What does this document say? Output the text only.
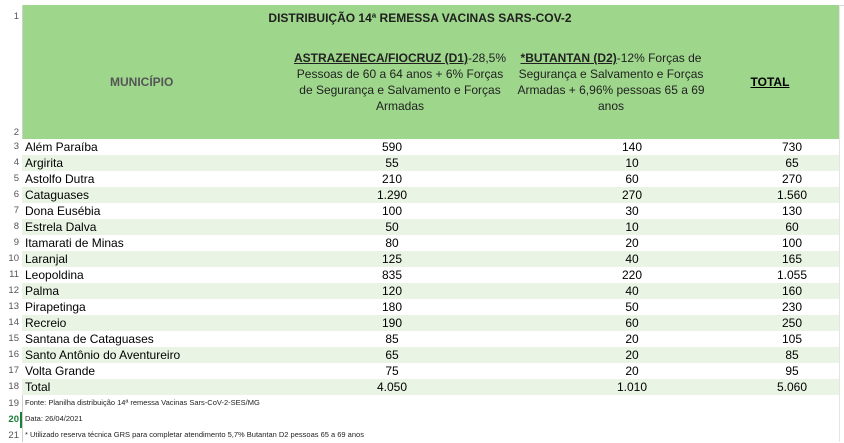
1
2
3
4
5
6
7
8
9
10
11
12
13
14
15
16
17
18
19
20
21
DISTRIBUIÇÃO 14ª REMESSA VACINAS SARS-COV-2
MUNICÍPIO
ASTRAZENECA/FIOCRUZ (D1)-28,5% Pessoas de 60 a 64 anos + 6% Forças de Segurança e Salvamento e Forças Armadas
*BUTANTAN (D2)-12% Forças de Segurança e Salvamento e Forças Armadas + 6,96% pessoas 65 a 69 anos
TOTAL
Além Paraíba	590	140	730
Argirita	55	10	65
Astolfo Dutra	210	60	270
Cataguases	1.290	270	1.560
Dona Eusébia	100	30	130
Estrela Dalva	50	10	60
Itamarati de Minas	80	20	100
Laranjal	125	40	165
Leopoldina	835	220	1.055
Palma	120	40	160
Pirapetinga	180	50	230
Recreio	190	60	250
Santana de Cataguases	85	20	105
Santo Antônio do Aventureiro	65	20	85
Volta Grande	75	20	95
Total	4.050	1.010	5.060
Fonte: Planilha distribuição 14ª remessa Vacinas Sars-CoV-2-SES/MG
Data: 26/04/2021
* Utilizado reserva técnica GRS para completar atendimento 5,7% Butantan D2 pessoas 65 a 69 anos
